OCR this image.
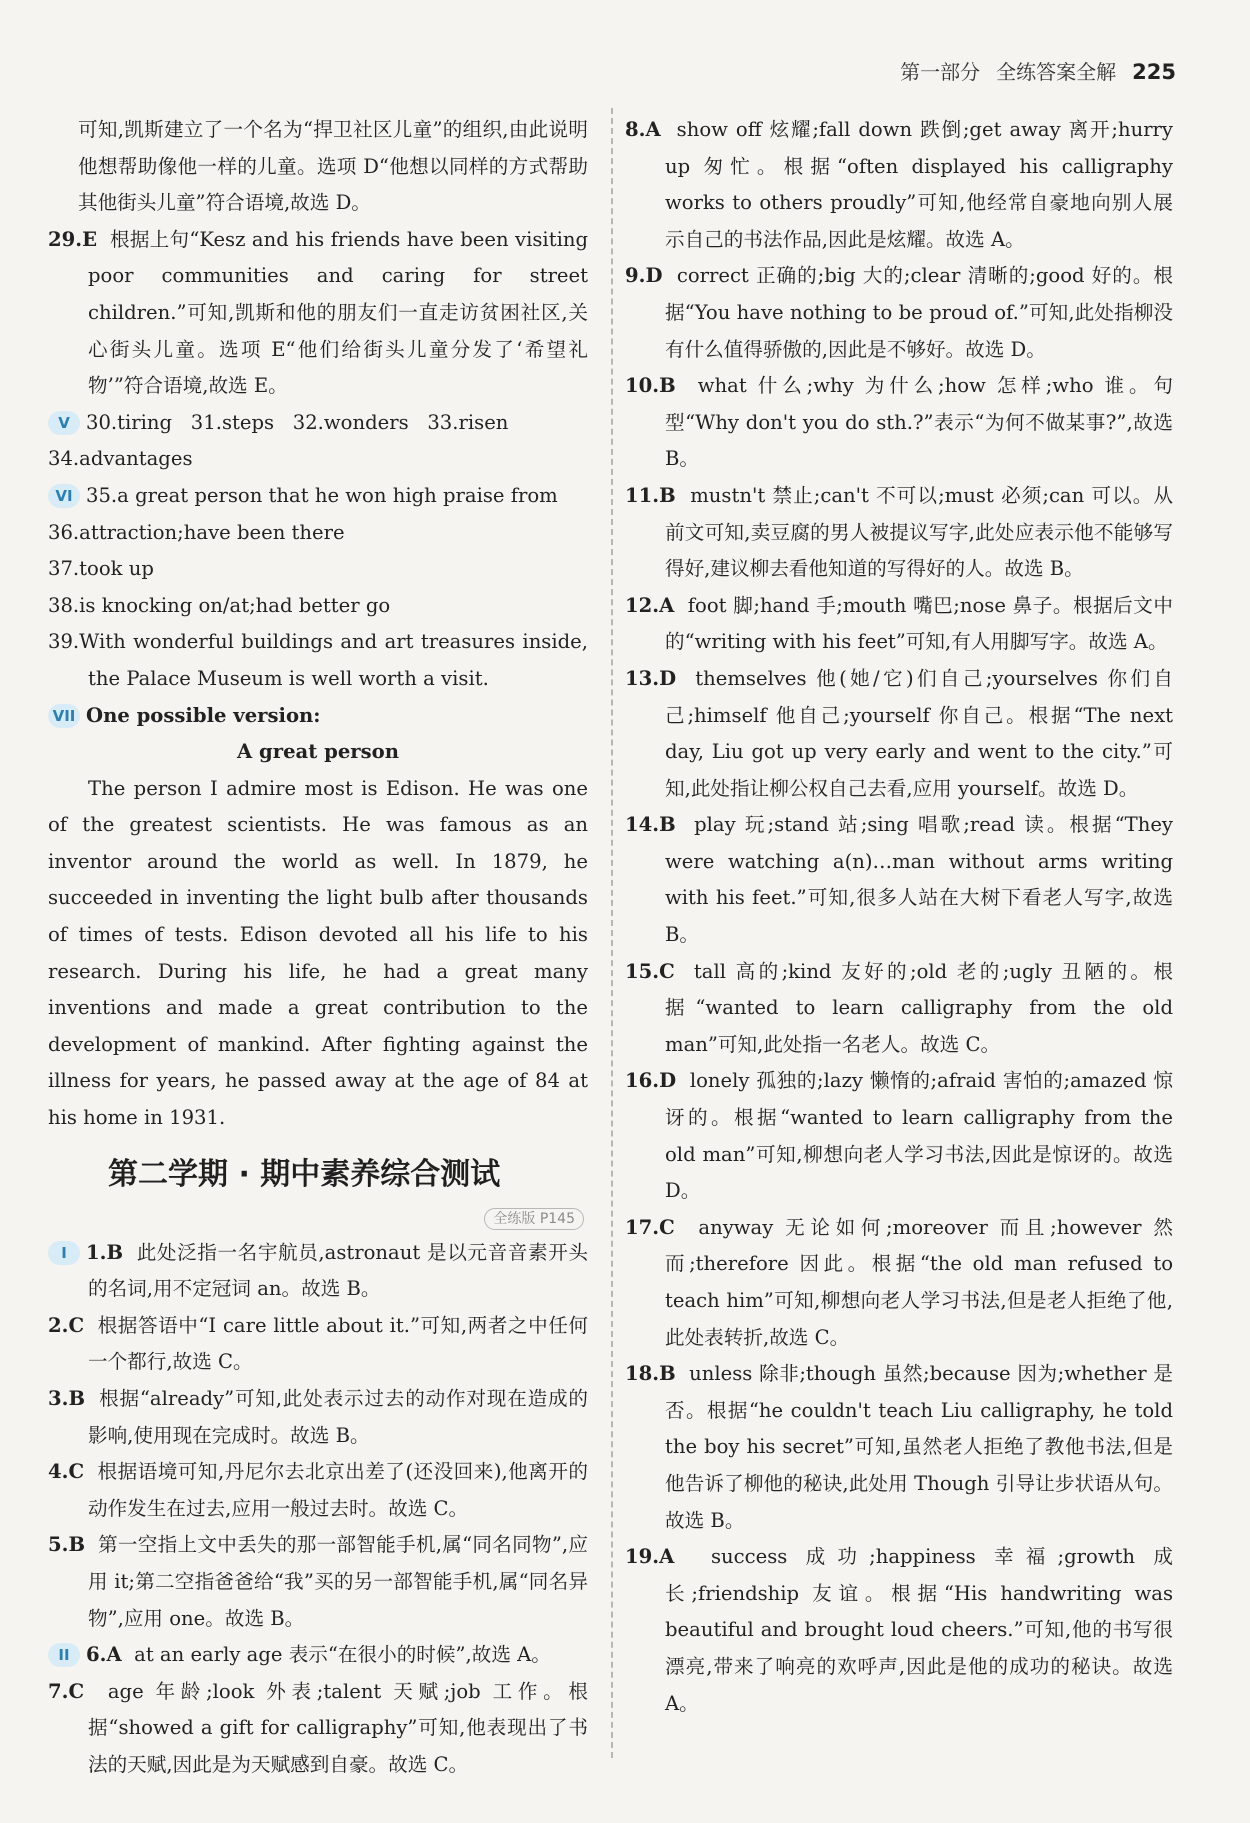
第一部分 全练答案全解 225

可知,凯斯建立了一个名为“捍卫社区儿童”的组织,由此说明他想帮助像他一样的儿童。选项 D“他想以同样的方式帮助其他街头儿童”符合语境,故选 D。

29.E 根据上句“Kesz and his friends have been visiting poor communities and caring for street children.”可知,凯斯和他的朋友们一直走访贫困社区,关心街头儿童。选项 E“他们给街头儿童分发了‘希望礼物’”符合语境,故选 E。

V 30.tiring   31.steps   32.wonders   33.risen

34.advantages

VI 35.a great person that he won high praise from

36.attraction;have been there

37.took up

38.is knocking on/at;had better go

39.With wonderful buildings and art treasures inside, the Palace Museum is well worth a visit.

VII One possible version:

A great person

The person I admire most is Edison. He was one of the greatest scientists. He was famous as an inventor around the world as well. In 1879, he succeeded in inventing the light bulb after thousands of times of tests. Edison devoted all his life to his research. During his life, he had a great many inventions and made a great contribution to the development of mankind. After fighting against the illness for years, he passed away at the age of 84 at his home in 1931.

第二学期 · 期中素养综合测试
全练版 P145

I 1.B 此处泛指一名宇航员,astronaut 是以元音音素开头的名词,用不定冠词 an。故选 B。

2.C 根据答语中“I care little about it.”可知,两者之中任何一个都行,故选 C。

3.B 根据“already”可知,此处表示过去的动作对现在造成的影响,使用现在完成时。故选 B。

4.C 根据语境可知,丹尼尔去北京出差了(还没回来),他离开的动作发生在过去,应用一般过去时。故选 C。

5.B 第一空指上文中丢失的那一部智能手机,属“同名同物”,应用 it;第二空指爸爸给“我”买的另一部智能手机,属“同名异物”,应用 one。故选 B。

II 6.A at an early age 表示“在很小的时候”,故选 A。

7.C age 年龄;look 外表;talent 天赋;job 工作。根据“showed a gift for calligraphy”可知,他表现出了书法的天赋,因此是为天赋感到自豪。故选 C。

8.A show off 炫耀;fall down 跌倒;get away 离开;hurry up 匆忙。根据“often displayed his calligraphy works to others proudly”可知,他经常自豪地向别人展示自己的书法作品,因此是炫耀。故选 A。

9.D correct 正确的;big 大的;clear 清晰的;good 好的。根据“You have nothing to be proud of.”可知,此处指柳没有什么值得骄傲的,因此是不够好。故选 D。

10.B what 什么;why 为什么;how 怎样;who 谁。句型“Why don't you do sth.?”表示“为何不做某事?”,故选 B。

11.B mustn't 禁止;can't 不可以;must 必须;can 可以。从前文可知,卖豆腐的男人被提议写字,此处应表示他不能够写得好,建议柳去看他知道的写得好的人。故选 B。

12.A foot 脚;hand 手;mouth 嘴巴;nose 鼻子。根据后文中的“writing with his feet”可知,有人用脚写字。故选 A。

13.D themselves 他(她/它)们自己;yourselves 你们自己;himself 他自己;yourself 你自己。根据“The next day, Liu got up very early and went to the city.”可知,此处指让柳公权自己去看,应用 yourself。故选 D。

14.B play 玩;stand 站;sing 唱歌;read 读。根据“They were watching a(n)…man without arms writing with his feet.”可知,很多人站在大树下看老人写字,故选 B。

15.C tall 高的;kind 友好的;old 老的;ugly 丑陋的。根据“wanted to learn calligraphy from the old man”可知,此处指一名老人。故选 C。

16.D lonely 孤独的;lazy 懒惰的;afraid 害怕的;amazed 惊讶的。根据“wanted to learn calligraphy from the old man”可知,柳想向老人学习书法,因此是惊讶的。故选 D。

17.C anyway 无论如何;moreover 而且;however 然而;therefore 因此。根据“the old man refused to teach him”可知,柳想向老人学习书法,但是老人拒绝了他,此处表转折,故选 C。

18.B unless 除非;though 虽然;because 因为;whether 是否。根据“he couldn't teach Liu calligraphy, he told the boy his secret”可知,虽然老人拒绝了教他书法,但是他告诉了柳他的秘诀,此处用 Though 引导让步状语从句。故选 B。

19.A success 成功;happiness 幸福;growth 成长;friendship 友谊。根据“His handwriting was beautiful and brought loud cheers.”可知,他的书写很漂亮,带来了响亮的欢呼声,因此是他的成功的秘诀。故选 A。
